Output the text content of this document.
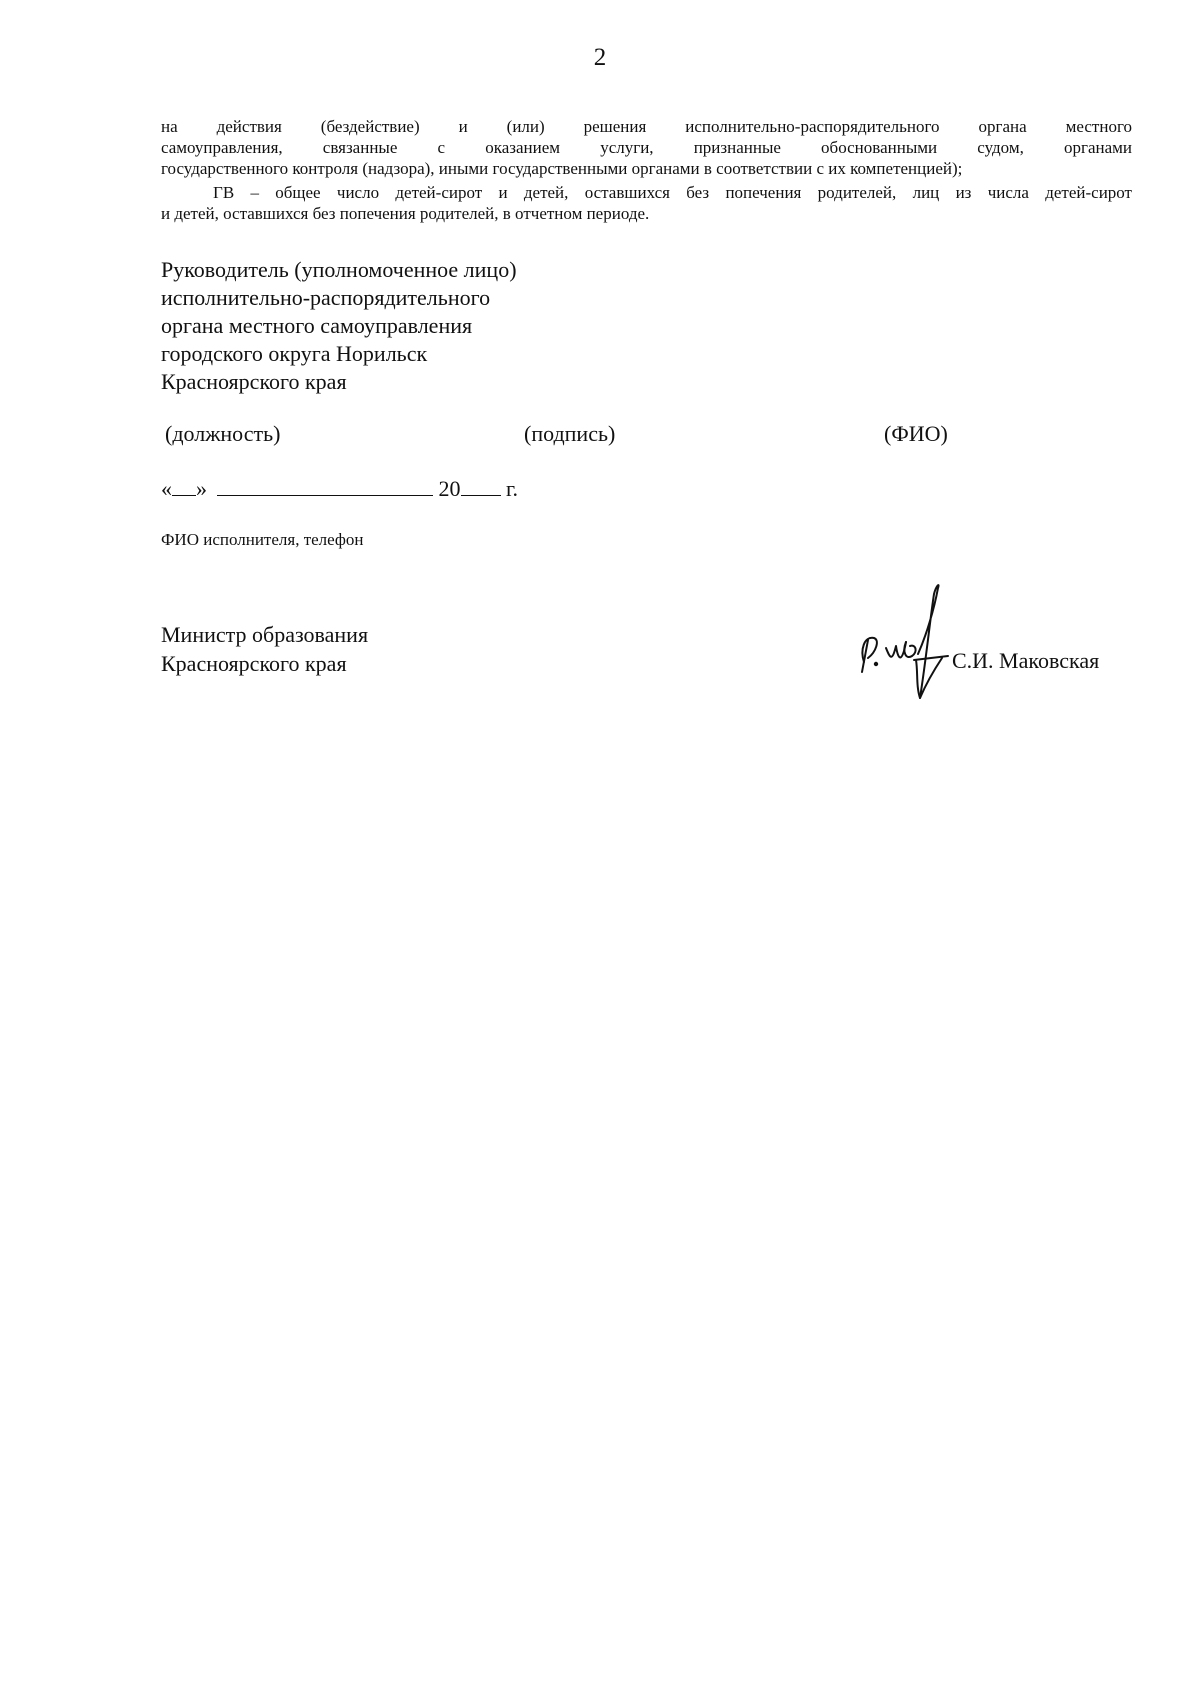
2
на действия (бездействие) и (или) решения исполнительно-распорядительного органа местного
самоуправления, связанные с оказанием услуги, признанные обоснованными судом, органами
государственного контроля (надзора), иными государственными органами в соответствии с их компетенцией);
ГВ – общее число детей-сирот и детей, оставшихся без попечения родителей, лиц из числа детей-сирот
и детей, оставшихся без попечения родителей, в отчетном периоде.
Руководитель (уполномоченное лицо)
исполнительно-распорядительного
органа местного самоуправления
городского округа Норильск
Красноярского края
(должность)	(подпись)	(ФИО)
« »	20 г.
ФИО исполнителя, телефон
Министр образования
Красноярского края	С.И. Маковская
